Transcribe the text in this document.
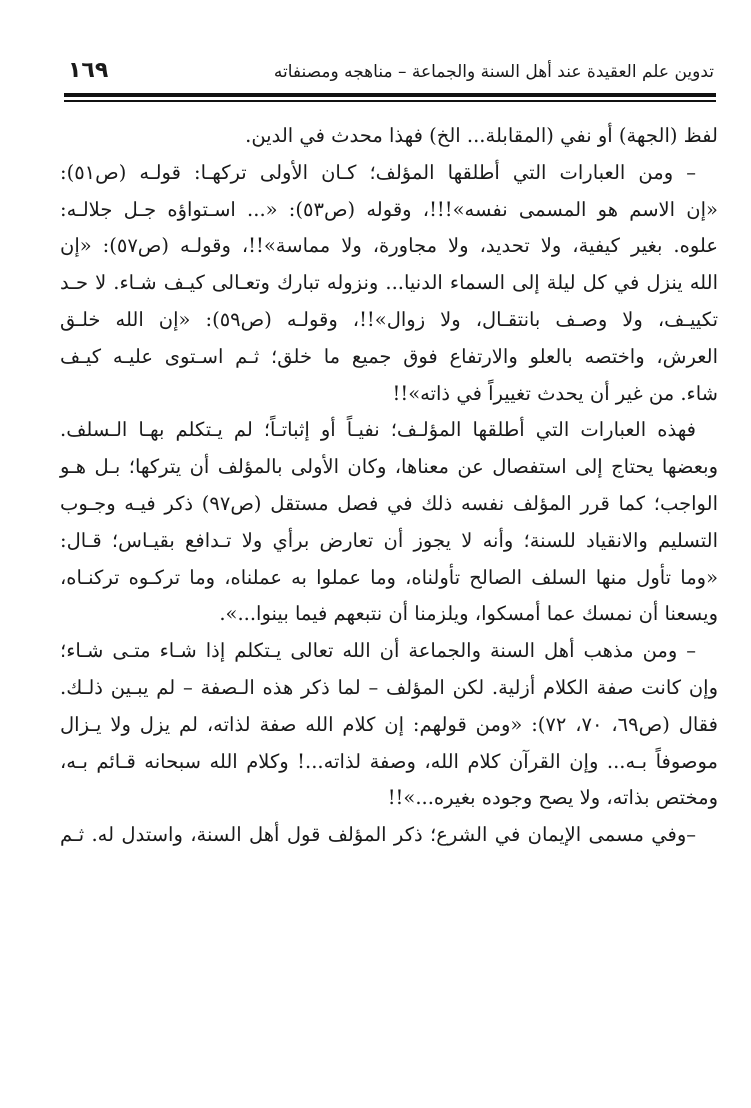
تدوين علم العقيدة عند أهل السنة والجماعة – مناهجه ومصنفاته
١٦٩
لفظ (الجهة) أو نفي (المقابلة... الخ) فهذا محدث في الدين.
– ومن العبارات التي أطلقها المؤلف؛ كـان الأولى تركهـا: قولـه (ص٥١):
«إن الاسم هو المسمى نفسه»!!!، وقوله (ص٥٣): «... اسـتواؤه جـل جلالـه:
علوه. بغير كيفية، ولا تحديد، ولا مجاورة، ولا مماسة»!!، وقولـه (ص٥٧): «إن
الله ينزل في كل ليلة إلى السماء الدنيا... ونزوله تبارك وتعـالى كيـف شـاء. لا حـد
تكييـف، ولا وصـف بانتقـال، ولا زوال»!!، وقولـه (ص٥٩): «إن الله خلـق
العرش، واختصه بالعلو والارتفاع فوق جميع ما خلق؛ ثـم اسـتوى عليـه كيـف
شاء. من غير أن يحدث تغييراً في ذاته»!!
فهذه العبارات التي أطلقها المؤلـف؛ نفيـاً أو إثباتـاً؛ لم يـتكلم بهـا الـسلف.
وبعضها يحتاج إلى استفصال عن معناها، وكان الأولى بالمؤلف أن يتركها؛ بـل هـو
الواجب؛ كما قرر المؤلف نفسه ذلك في فصل مستقل (ص٩٧) ذكر فيـه وجـوب
التسليم والانقياد للسنة؛ وأنه لا يجوز أن تعارض برأي ولا تـدافع بقيـاس؛ قـال:
«وما تأول منها السلف الصالح تأولناه، وما عملوا به عملناه، وما تركـوه تركنـاه،
ويسعنا أن نمسك عما أمسكوا، ويلزمنا أن نتبعهم فيما بينوا...».
– ومن مذهب أهل السنة والجماعة أن الله تعالى يـتكلم إذا شـاء متـى شـاء؛
وإن كانت صفة الكلام أزلية. لكن المؤلف – لما ذكر هذه الـصفة – لم يبـين ذلـك.
فقال (ص٦٩، ٧٠، ٧٢): «ومن قولهم: إن كلام الله صفة لذاته، لم يزل ولا يـزال
موصوفاً بـه... وإن القرآن كلام الله، وصفة لذاته...! وكلام الله سبحانه قـائم بـه،
ومختص بذاته، ولا يصح وجوده بغيره...»!!
–وفي مسمى الإيمان في الشرع؛ ذكر المؤلف قول أهل السنة، واستدل له. ثـم
